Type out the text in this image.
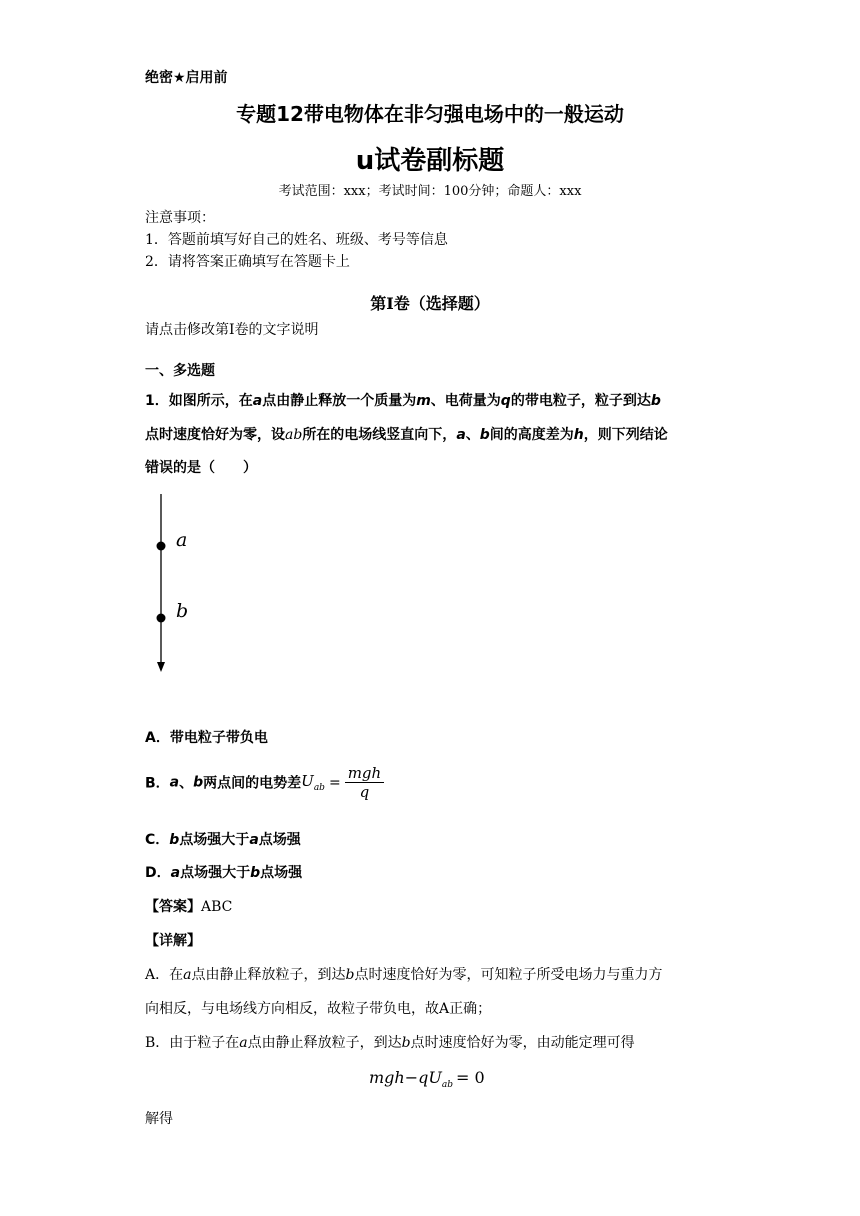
绝密★启用前
专题12带电物体在非匀强电场中的一般运动
u试卷副标题
考试范围：xxx；考试时间：100分钟；命题人：xxx
注意事项：
1．答题前填写好自己的姓名、班级、考号等信息
2．请将答案正确填写在答题卡上
第I卷（选择题）
请点击修改第I卷的文字说明
一、多选题
1．如图所示，在a点由静止释放一个质量为m、电荷量为q的带电粒子，粒子到达b
点时速度恰好为零，设ab所在的电场线竖直向下，a、b间的高度差为h，则下列结论
错误的是（　　）
a
b
A．带电粒子带负电
B．a、b两点间的电势差$U_{ab} = \frac{\text{mgh}}{q}$
C．b点场强大于a点场强
D．a点场强大于b点场强
【答案】ABC
【详解】
A．在a点由静止释放粒子，到达b点时速度恰好为零，可知粒子所受电场力与重力方
向相反，与电场线方向相反，故粒子带负电，故A正确；
B．由于粒子在a点由静止释放粒子，到达b点时速度恰好为零，由动能定理可得
$mgh-qU_{ab} = 0$
解得
